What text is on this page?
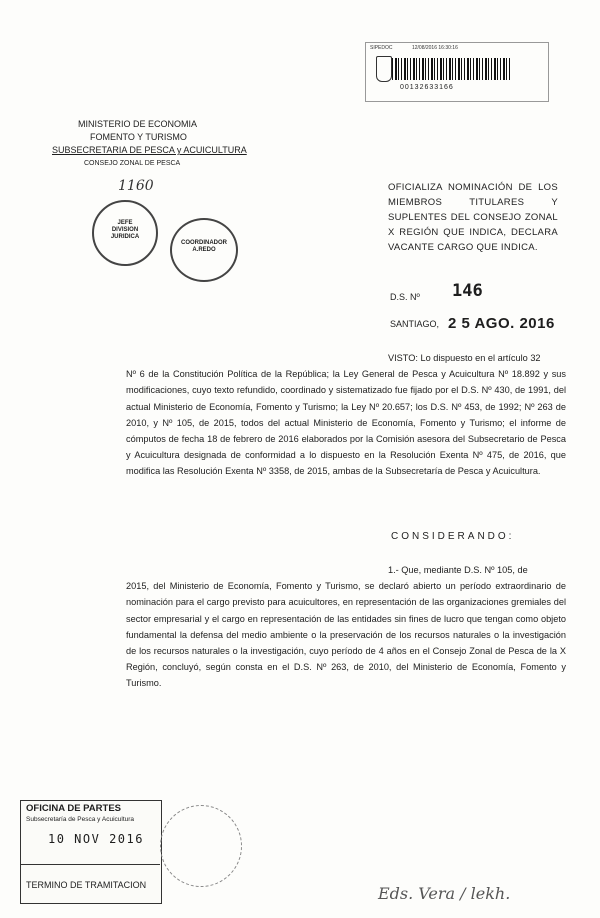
SIPEDOC	12/08/2016 16:30:16
00132633166
MINISTERIO DE ECONOMIA
FOMENTO Y TURISMO
SUBSECRETARIA DE PESCA y ACUICULTURA
CONSEJO ZONAL DE PESCA
1160
JEFE
DIVISION
JURIDICA
COORDINADOR
A.REDO
OFICIALIZA NOMINACIÓN DE LOS MIEMBROS TITULARES Y SUPLENTES DEL CONSEJO ZONAL X REGIÓN QUE INDICA, DECLARA VACANTE CARGO QUE INDICA.
D.S. Nº 146
SANTIAGO, 2 5 AGO. 2016
VISTO: Lo dispuesto en el artículo 32
Nº 6 de la Constitución Política de la República; la Ley General de Pesca y Acuicultura Nº 18.892 y sus modificaciones, cuyo texto refundido, coordinado y sistematizado fue fijado por el D.S. Nº 430, de 1991, del actual Ministerio de Economía, Fomento y Turismo; la Ley Nº 20.657; los D.S. Nº 453, de 1992; Nº 263 de 2010, y Nº 105, de 2015, todos del actual Ministerio de Economía, Fomento y Turismo; el informe de cómputos de fecha 18 de febrero de 2016 elaborados por la Comisión asesora del Subsecretario de Pesca y Acuicultura designada de conformidad a lo dispuesto en la Resolución Exenta Nº 475, de 2016, que modifica las Resolución Exenta Nº 3358, de 2015, ambas de la Subsecretaría de Pesca y Acuicultura.
CONSIDERANDO:
1.- Que, mediante D.S. Nº 105, de
2015, del Ministerio de Economía, Fomento y Turismo, se declaró abierto un período extraordinario de nominación para el cargo previsto para acuicultores, en representación de las organizaciones gremiales del sector empresarial y el cargo en representación de las entidades sin fines de lucro que tengan como objeto fundamental la defensa del medio ambiente o la preservación de los recursos naturales o la investigación de los recursos naturales o la investigación, cuyo período de 4 años en el Consejo Zonal de Pesca de la X Región, concluyó, según consta en el D.S. Nº 263, de 2010, del Ministerio de Economía, Fomento y Turismo.
OFICINA DE PARTES
Subsecretaría de Pesca y Acuicultura
10 NOV 2016
TERMINO DE TRAMITACION	Eds. Vera / lekh.
